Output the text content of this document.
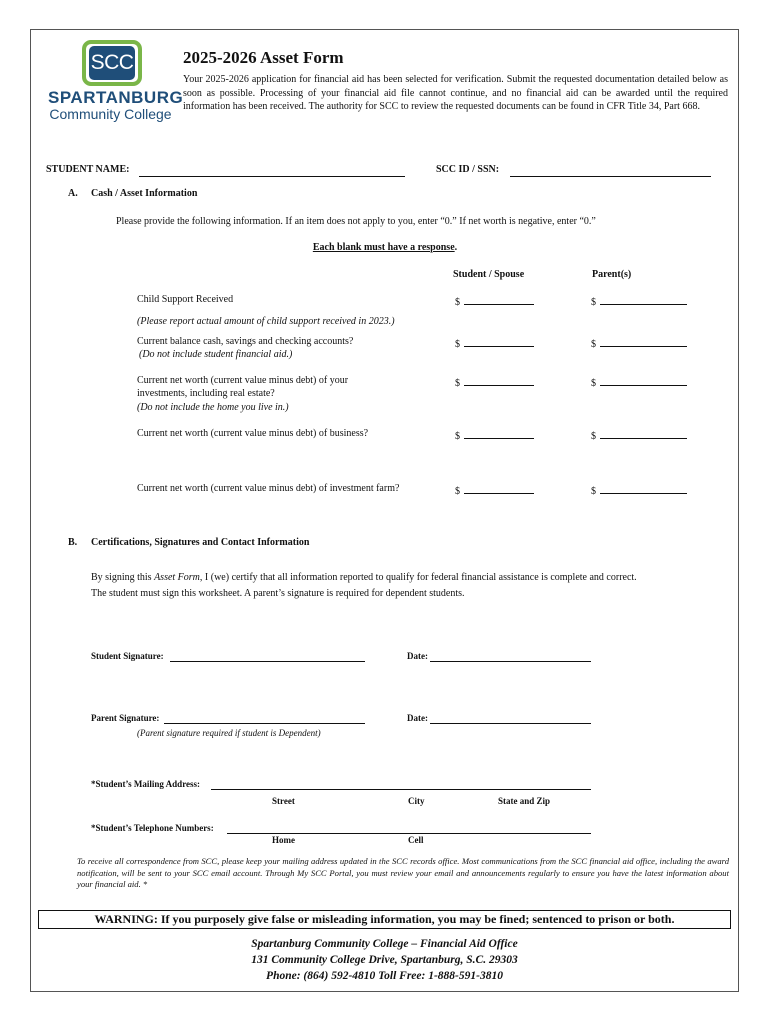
SCC
SPARTANBURG
Community College
2025-2026 Asset Form
Your 2025-2026 application for financial aid has been selected for verification. Submit the requested documentation detailed below as soon as possible. Processing of your financial aid file cannot continue, and no financial aid can be awarded until the required information has been received. The authority for SCC to review the requested documents can be found in CFR Title 34, Part 668.
STUDENT NAME:	SCC ID / SSN:
A. Cash / Asset Information
Please provide the following information. If an item does not apply to you, enter “0.” If net worth is negative, enter “0.”
Each blank must have a response.
Student / Spouse	Parent(s)
Child Support Received
(Please report actual amount of child support received in 2023.)
$	$
Current balance cash, savings and checking accounts?
(Do not include student financial aid.)
$	$
Current net worth (current value minus debt) of your investments, including real estate?
(Do not include the home you live in.)
$	$
Current net worth (current value minus debt) of business?	$	$
Current net worth (current value minus debt) of investment farm?	$	$
B. Certifications, Signatures and Contact Information
By signing this Asset Form, I (we) certify that all information reported to qualify for federal financial assistance is complete and correct.
The student must sign this worksheet. A parent’s signature is required for dependent students.
Student Signature:	Date:
Parent Signature:
(Parent signature required if student is Dependent)
Date:
*Student’s Mailing Address:
Street	City	State and Zip
*Student’s Telephone Numbers:
Home	Cell
To receive all correspondence from SCC, please keep your mailing address updated in the SCC records office. Most communications from the SCC financial aid office, including the award notification, will be sent to your SCC email account. Through My SCC Portal, you must review your email and announcements regularly to ensure you have the latest information about your financial aid. *
WARNING: If you purposely give false or misleading information, you may be fined; sentenced to prison or both.
Spartanburg Community College – Financial Aid Office
131 Community College Drive, Spartanburg, S.C. 29303
Phone: (864) 592-4810 Toll Free: 1-888-591-3810
